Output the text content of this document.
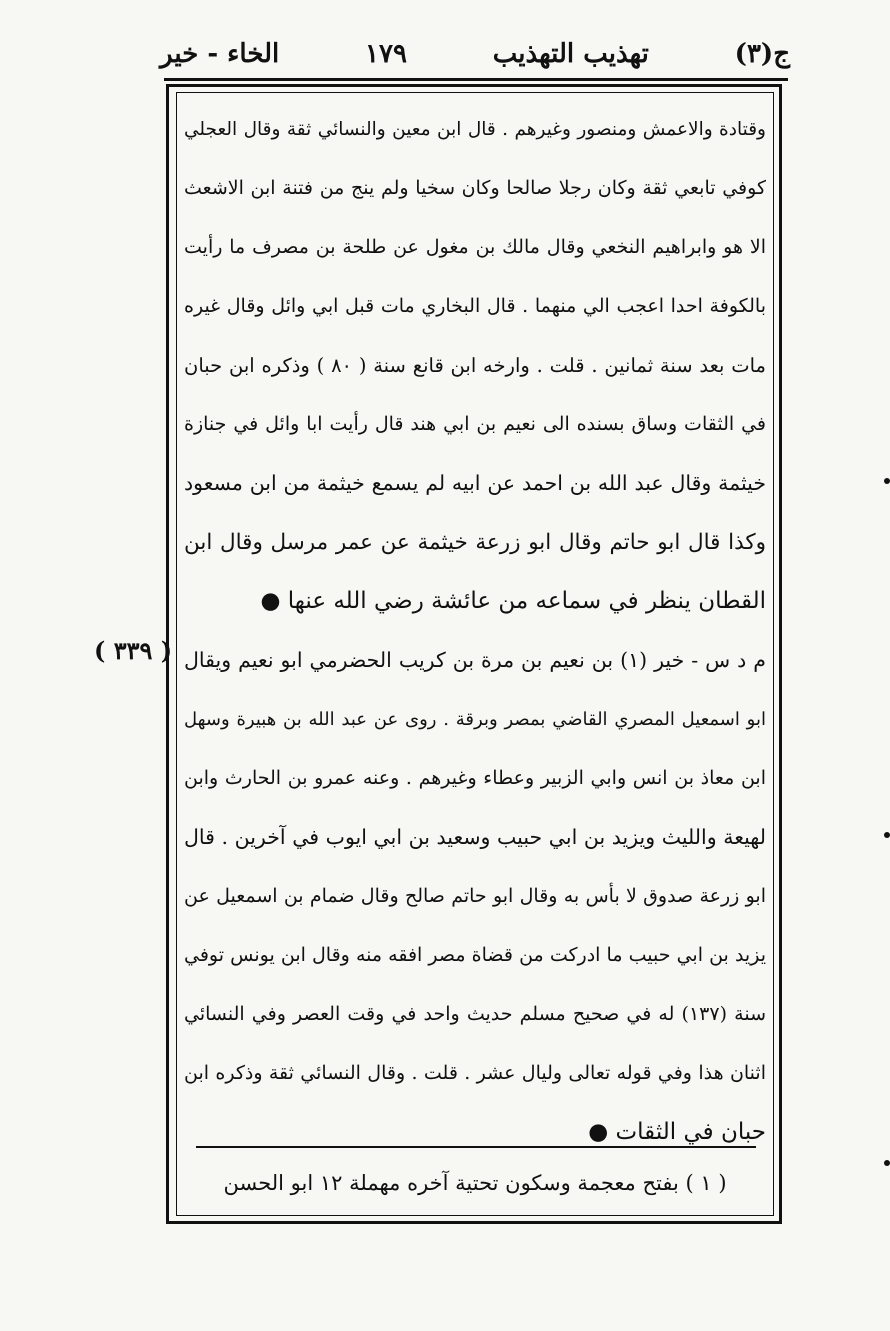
ج(٣)
تهذيب التهذيب
١٧٩
الخاء - خير
( ٣٣٩ )
وقتادة والاعمش ومنصور وغيرهم . قال ابن معين والنسائي ثقة وقال العجلي
كوفي تابعي ثقة وكان رجلا صالحا وكان سخيا ولم ينج من فتنة ابن الاشعث
الا هو وابراهيم النخعي وقال مالك بن مغول عن طلحة بن مصرف ما رأيت
بالكوفة احدا اعجب الي منهما . قال البخاري مات قبل ابي وائل وقال غيره
مات بعد سنة ثمانين . قلت . وارخه ابن قانع سنة ( ٨٠ ) وذكره ابن حبان
في الثقات وساق بسنده الى نعيم بن ابي هند قال رأيت ابا وائل في جنازة
خيثمة وقال عبد الله بن احمد عن ابيه لم يسمع خيثمة من ابن مسعود
وكذا قال ابو حاتم وقال ابو زرعة خيثمة عن عمر مرسل وقال ابن
القطان ينظر في سماعه من عائشة رضي الله عنها ●
م د س - خير (١) بن نعيم بن مرة بن كريب الحضرمي ابو نعيم ويقال
ابو اسمعيل المصري القاضي بمصر وبرقة . روى عن عبد الله بن هبيرة وسهل
ابن معاذ بن انس وابي الزبير وعطاء وغيرهم . وعنه عمرو بن الحارث وابن
لهيعة والليث ويزيد بن ابي حبيب وسعيد بن ابي ايوب في آخرين . قال
ابو زرعة صدوق لا بأس به وقال ابو حاتم صالح وقال ضمام بن اسمعيل عن
يزيد بن ابي حبيب ما ادركت من قضاة مصر افقه منه وقال ابن يونس توفي
سنة (١٣٧) له في صحيح مسلم حديث واحد في وقت العصر وفي النسائي
اثنان هذا وفي قوله تعالى وليال عشر . قلت . وقال النسائي ثقة وذكره ابن
حبان في الثقات ●
( ١ ) بفتح معجمة وسكون تحتية آخره مهملة ١٢ ابو الحسن
